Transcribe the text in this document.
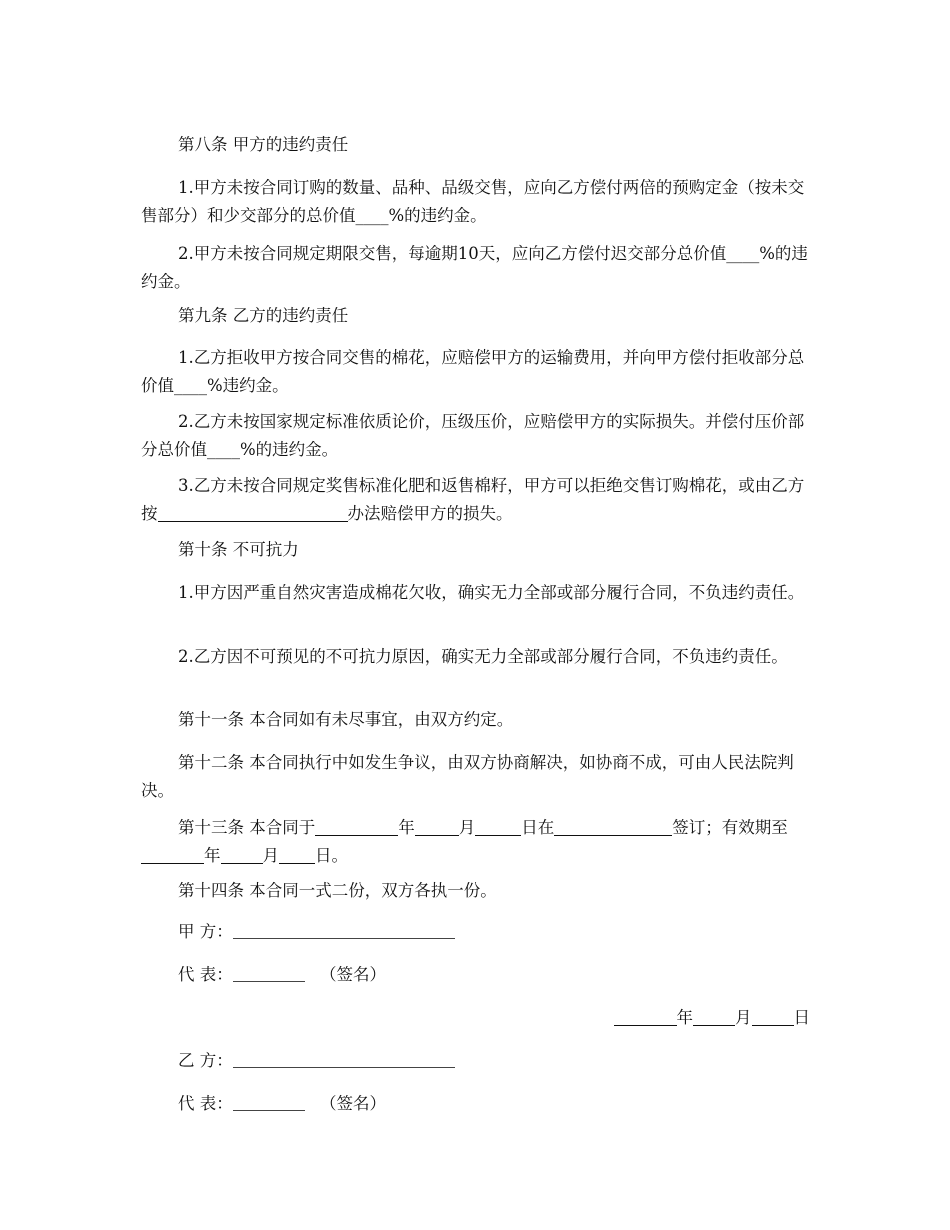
第八条 甲方的违约责任

1.甲方未按合同订购的数量、品种、品级交售，应向乙方偿付两倍的预购定金（按未交售部分）和少交部分的总价值____%的违约金。

2.甲方未按合同规定期限交售，每逾期10天，应向乙方偿付迟交部分总价值____%的违约金。

第九条 乙方的违约责任

1.乙方拒收甲方按合同交售的棉花，应赔偿甲方的运输费用，并向甲方偿付拒收部分总价值____%违约金。

2.乙方未按国家规定标准依质论价，压级压价，应赔偿甲方的实际损失。并偿付压价部分总价值____%的违约金。

3.乙方未按合同规定奖售标准化肥和返售棉籽，甲方可以拒绝交售订购棉花，或由乙方按	办法赔偿甲方的损失。

第十条 不可抗力

1.甲方因严重自然灾害造成棉花欠收，确实无力全部或部分履行合同，不负违约责任。

2.乙方因不可预见的不可抗力原因，确实无力全部或部分履行合同，不负违约责任。

第十一条 本合同如有未尽事宜，由双方约定。

第十二条 本合同执行中如发生争议，由双方协商解决，如协商不成，可由人民法院判决。

第十三条 本合同于	年	月	日在	签订；有效期至年	月 日。

第十四条 本合同一式二份，双方各执一份。

甲 方：
代 表：	（签名）
年	月	日
乙 方：
代 表：	（签名）
